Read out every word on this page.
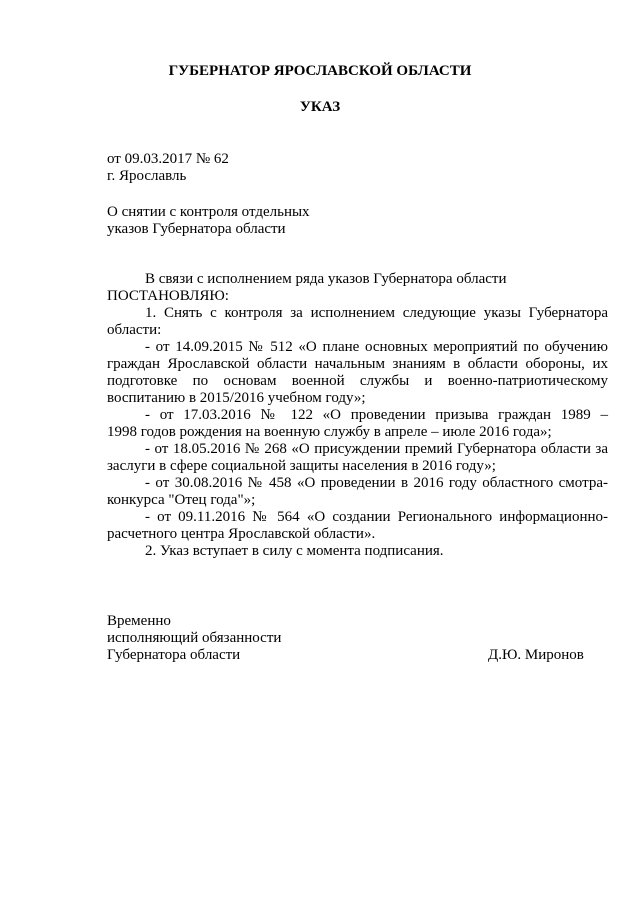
ГУБЕРНАТОР ЯРОСЛАВСКОЙ ОБЛАСТИ
УКАЗ
от 09.03.2017 № 62
г. Ярославль
О снятии с контроля отдельных
указов Губернатора области
В связи с исполнением ряда указов Губернатора области
ПОСТАНОВЛЯЮ:
1. Снять с контроля за исполнением следующие указы Губернатора
области:
- от 14.09.2015 № 512 «О плане основных мероприятий по обучению
граждан Ярославской области начальным знаниям в области обороны, их
подготовке по основам военной службы и военно-патриотическому
воспитанию в 2015/2016 учебном году»;
- от 17.03.2016 № 122 «О проведении призыва граждан 1989 –
1998 годов рождения на военную службу в апреле – июле 2016 года»;
- от 18.05.2016 № 268 «О присуждении премий Губернатора области за
заслуги в сфере социальной защиты населения в 2016 году»;
- от 30.08.2016 № 458 «О проведении в 2016 году областного смотра-
конкурса "Отец года"»;
- от 09.11.2016 № 564 «О создании Регионального информационно-
расчетного центра Ярославской области».
2. Указ вступает в силу с момента подписания.
Временно
исполняющий обязанности
Губернатора области	Д.Ю. Миронов
